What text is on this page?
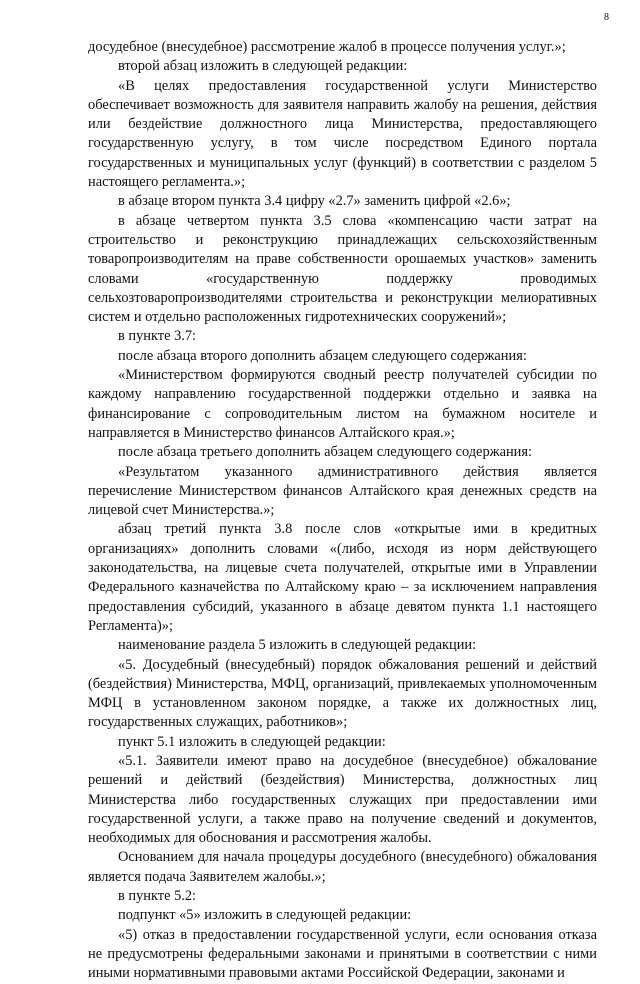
8

досудебное (внесудебное) рассмотрение жалоб в процессе получения услуг.»;

второй абзац изложить в следующей редакции:

«В целях предоставления государственной услуги Министерство обеспечивает возможность для заявителя направить жалобу на решения, действия или бездействие должностного лица Министерства, предоставляющего государственную услугу, в том числе посредством Единого портала государственных и муниципальных услуг (функций) в соответствии с разделом 5 настоящего регламента.»;

в абзаце втором пункта 3.4 цифру «2.7» заменить цифрой «2.6»;

в абзаце четвертом пункта 3.5 слова «компенсацию части затрат на строительство и реконструкцию принадлежащих сельскохозяйственным товаропроизводителям на праве собственности орошаемых участков» заменить словами «государственную поддержку проводимых сельхозтоваропроизводителями строительства и реконструкции мелиоративных систем и отдельно расположенных гидротехнических сооружений»;

в пункте 3.7:

после абзаца второго дополнить абзацем следующего содержания:

«Министерством формируются сводный реестр получателей субсидии по каждому направлению государственной поддержки отдельно и заявка на финансирование с сопроводительным листом на бумажном носителе и направляется в Министерство финансов Алтайского края.»;

после абзаца третьего дополнить абзацем следующего содержания:

«Результатом указанного административного действия является перечисление Министерством финансов Алтайского края денежных средств на лицевой счет Министерства.»;

абзац третий пункта 3.8 после слов «открытые ими в кредитных организациях» дополнить словами «(либо, исходя из норм действующего законодательства, на лицевые счета получателей, открытые ими в Управлении Федерального казначейства по Алтайскому краю – за исключением направления предоставления субсидий, указанного в абзаце девятом пункта 1.1 настоящего Регламента)»;

наименование раздела 5 изложить в следующей редакции:

«5. Досудебный (внесудебный) порядок обжалования решений и действий (бездействия) Министерства, МФЦ, организаций, привлекаемых уполномоченным МФЦ в установленном законом порядке, а также их должностных лиц, государственных служащих, работников»;

пункт 5.1 изложить в следующей редакции:

«5.1. Заявители имеют право на досудебное (внесудебное) обжалование решений и действий (бездействия) Министерства, должностных лиц Министерства либо государственных служащих при предоставлении ими государственной услуги, а также право на получение сведений и документов, необходимых для обоснования и рассмотрения жалобы.

Основанием для начала процедуры досудебного (внесудебного) обжалования является подача Заявителем жалобы.»;

в пункте 5.2:

подпункт «5» изложить в следующей редакции:

«5) отказ в предоставлении государственной услуги, если основания отказа не предусмотрены федеральными законами и принятыми в соответствии с ними иными нормативными правовыми актами Российской Федерации, законами и
